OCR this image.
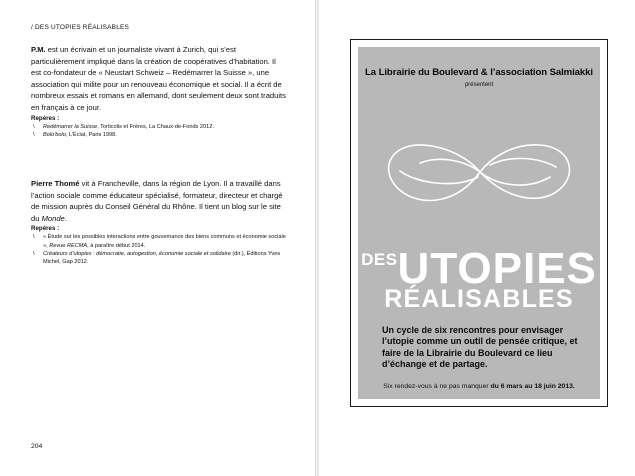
/ DES UTOPIES RÉALISABLES

P.M. est un écrivain et un journaliste vivant à Zurich, qui s’est particulièrement impliqué dans la création de coopératives d’habitation. Il est co-fondateur de « Neustart Schweiz – Redémarrer la Suisse », une association qui milite pour un renouveau économique et social. Il a écrit de nombreux essais et romans en allemand, dont seulement deux sont traduits en français à ce jour.

Repères :
\ Redémarrer la Suisse, Torticolis et Frères, La Chaux-de-Fonds 2012.
\ Bolo'bolo, L’Éclat, Paris 1998.

Pierre Thomé vit à Francheville, dans la région de Lyon. Il a travaillé dans l’action sociale comme éducateur spécialisé, formateur, directeur et chargé de mission auprès du Conseil Général du Rhône. Il tient un blog sur le site du Monde.

Repères :
\ « Étude sur les possibles interactions entre gouvernance des biens communs et économie sociale », Revue RECMA, à paraître début 2014.
\ Créateurs d’utopies : démocratie, autogestion, économie sociale et solidaire (dir.), Éditions Yves Michel, Gap 2012.
204
La Librairie du Boulevard & l’association Salmiakki
présentent
$^{DES}$UTOPIES
RÉALISABLES
Un cycle de six rencontres pour envisager l’utopie comme un outil de pensée critique, et faire de la Librairie du Boulevard ce lieu d’échange et de partage.
Six rendez-vous à ne pas manquer du 6 mars au 18 juin 2013.
